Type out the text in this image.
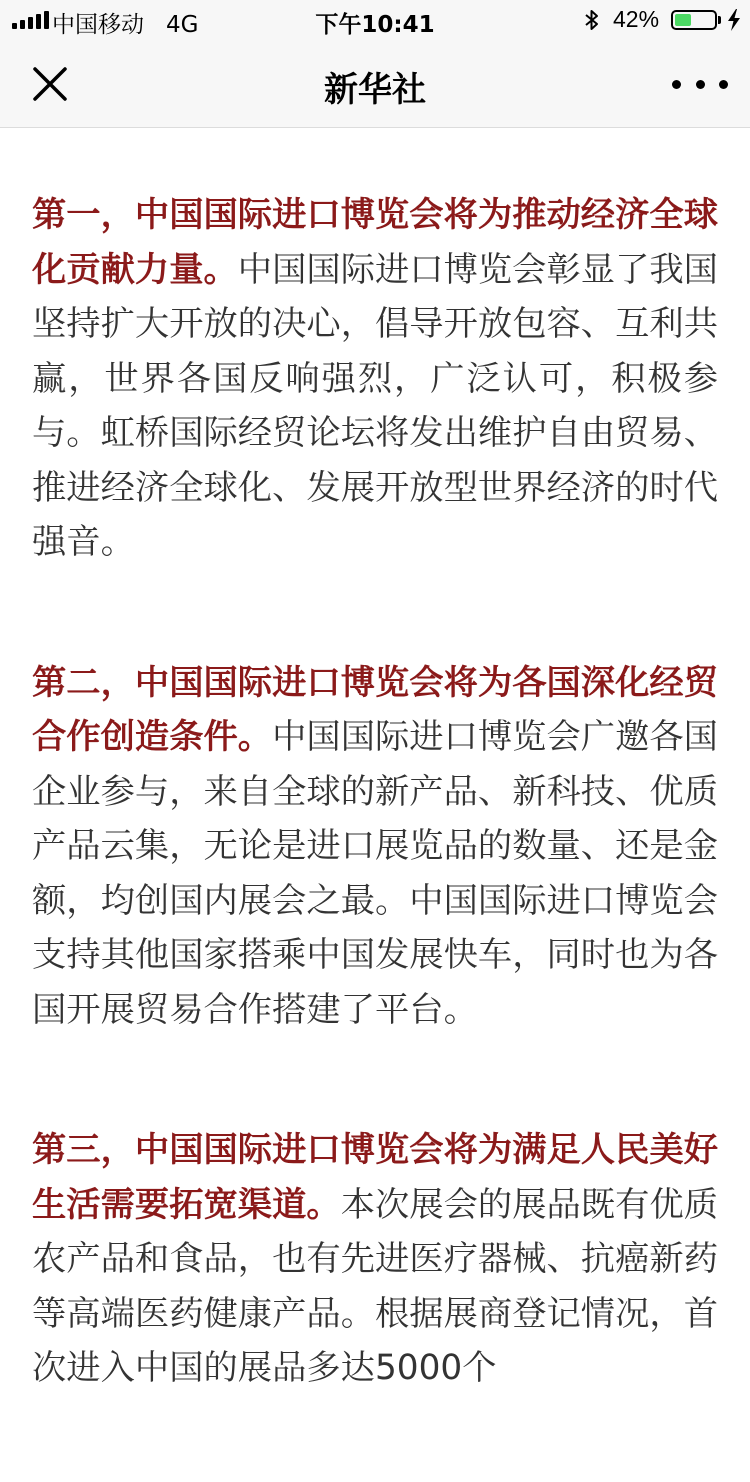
中国移动 4G	下午10:41	42%
新华社

第一，中国国际进口博览会将为推动经济全球化贡献力量。中国国际进口博览会彰显了我国坚持扩大开放的决心，倡导开放包容、互利共赢，世界各国反响强烈，广泛认可，积极参与。虹桥国际经贸论坛将发出维护自由贸易、推进经济全球化、发展开放型世界经济的时代强音。

第二，中国国际进口博览会将为各国深化经贸合作创造条件。中国国际进口博览会广邀各国企业参与，来自全球的新产品、新科技、优质产品云集，无论是进口展览品的数量、还是金额，均创国内展会之最。中国国际进口博览会支持其他国家搭乘中国发展快车，同时也为各国开展贸易合作搭建了平台。

第三，中国国际进口博览会将为满足人民美好生活需要拓宽渠道。本次展会的展品既有优质农产品和食品，也有先进医疗器械、抗癌新药等高端医药健康产品。根据展商登记情况，首次进入中国的展品多达5000个
